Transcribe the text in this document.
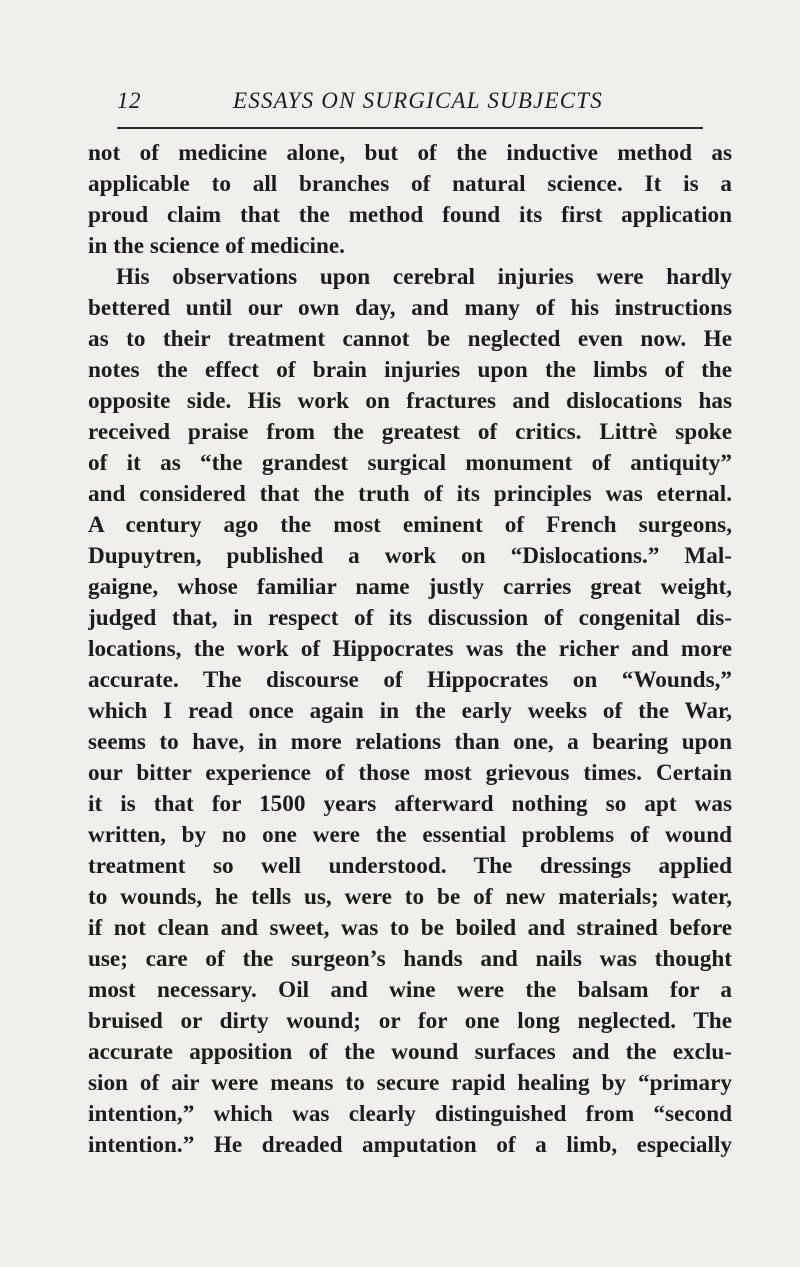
12	ESSAYS ON SURGICAL SUBJECTS
not of medicine alone, but of the inductive method as
applicable to all branches of natural science. It is a
proud claim that the method found its first application
in the science of medicine.
His observations upon cerebral injuries were hardly
bettered until our own day, and many of his instructions
as to their treatment cannot be neglected even now. He
notes the effect of brain injuries upon the limbs of the
opposite side. His work on fractures and dislocations has
received praise from the greatest of critics. Littrè spoke
of it as “the grandest surgical monument of antiquity”
and considered that the truth of its principles was eternal.
A century ago the most eminent of French surgeons,
Dupuytren, published a work on “Dislocations.” Mal-
gaigne, whose familiar name justly carries great weight,
judged that, in respect of its discussion of congenital dis-
locations, the work of Hippocrates was the richer and more
accurate. The discourse of Hippocrates on “Wounds,”
which I read once again in the early weeks of the War,
seems to have, in more relations than one, a bearing upon
our bitter experience of those most grievous times. Certain
it is that for 1500 years afterward nothing so apt was
written, by no one were the essential problems of wound
treatment so well understood. The dressings applied
to wounds, he tells us, were to be of new materials; water,
if not clean and sweet, was to be boiled and strained before
use; care of the surgeon’s hands and nails was thought
most necessary. Oil and wine were the balsam for a
bruised or dirty wound; or for one long neglected. The
accurate apposition of the wound surfaces and the exclu-
sion of air were means to secure rapid healing by “primary
intention,” which was clearly distinguished from “second
intention.” He dreaded amputation of a limb, especially
